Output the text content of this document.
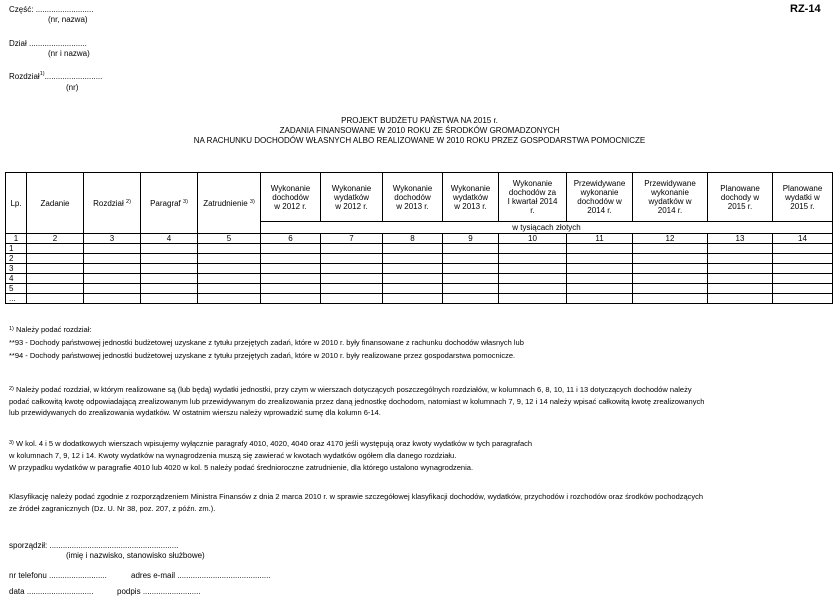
Część: ..........................
(nr, nazwa)
RZ-14
Dział ..........................
(nr i nazwa)
Rozdział$^{1)}$..........................
(nr)
PROJEKT BUDŻETU PAŃSTWA NA 2015 r.
ZADANIA FINANSOWANE W 2010 ROKU ZE ŚRODKÓW GROMADZONYCH
NA RACHUNKU DOCHODÓW WŁASNYCH ALBO REALIZOWANE W 2010 ROKU PRZEZ GOSPODARSTWA POMOCNICZE
Lp.	Zadanie	Rozdział $^{2)}$	Paragraf $^{3)}$	Zatrudnienie $^{3)}$	Wykonanie dochodów w 2012 r.	Wykonanie wydatków w 2012 r.	Wykonanie dochodów w 2013 r.	Wykonanie wydatków w 2013 r.	Wykonanie dochodów za I kwartał 2014 r.	Przewidywane wykonanie dochodów w 2014 r.	Przewidywane wykonanie wydatków w 2014 r.	Planowane dochody w 2015 r.	Planowane wydatki w 2015 r.
					w tysiącach złotych								
1	2	3	4	5	6	7	8	9	10	11	12	13	14
1													
2													
3													
4													
5													
...													
$^{1)}$ Należy podać rozdział:
**93 - Dochody państwowej jednostki budżetowej uzyskane z tytułu przejętych zadań, które w 2010 r. były finansowane z rachunku dochodów własnych lub
**94 - Dochody państwowej jednostki budżetowej uzyskane z tytułu przejętych zadań, które w 2010 r. były realizowane przez gospodarstwa pomocnicze.
$^{2)}$ Należy podać rozdział, w którym realizowane są (lub będą) wydatki jednostki, przy czym w wierszach dotyczących poszczególnych rozdziałów, w kolumnach 6, 8, 10, 11 i 13 dotyczących dochodów należy
podać całkowitą kwotę odpowiadającą zrealizowanym lub przewidywanym do zrealizowania przez daną jednostkę dochodom, natomiast w kolumnach 7, 9, 12 i 14 należy wpisać całkowitą kwotę zrealizowanych
lub przewidywanych do zrealizowania wydatków. W ostatnim wierszu należy wprowadzić sumę dla kolumn 6-14.
$^{3)}$ W kol. 4 i 5 w dodatkowych wierszach wpisujemy wyłącznie paragrafy 4010, 4020, 4040 oraz 4170 jeśli występują oraz kwoty wydatków w tych paragrafach
w kolumnach 7, 9, 12 i 14. Kwoty wydatków na wynagrodzenia muszą się zawierać w kwotach wydatków ogółem dla danego rozdziału.
W przypadku wydatków w paragrafie 4010 lub 4020 w kol. 5 należy podać średnioroczne zatrudnienie, dla którego ustalono wynagrodzenia.
Klasyfikację należy podać zgodnie z rozporządzeniem Ministra Finansów z dnia 2 marca 2010 r. w sprawie szczegółowej klasyfikacji dochodów, wydatków, przychodów i rozchodów oraz środków pochodzących
ze źródeł zagranicznych (Dz. U. Nr 38, poz. 207, z późn. zm.).
sporządził: ..........................................................
(imię i nazwisko, stanowisko służbowe)
nr telefonu ..........................	adres e-mail ..........................................
data ..............................	podpis ..........................
